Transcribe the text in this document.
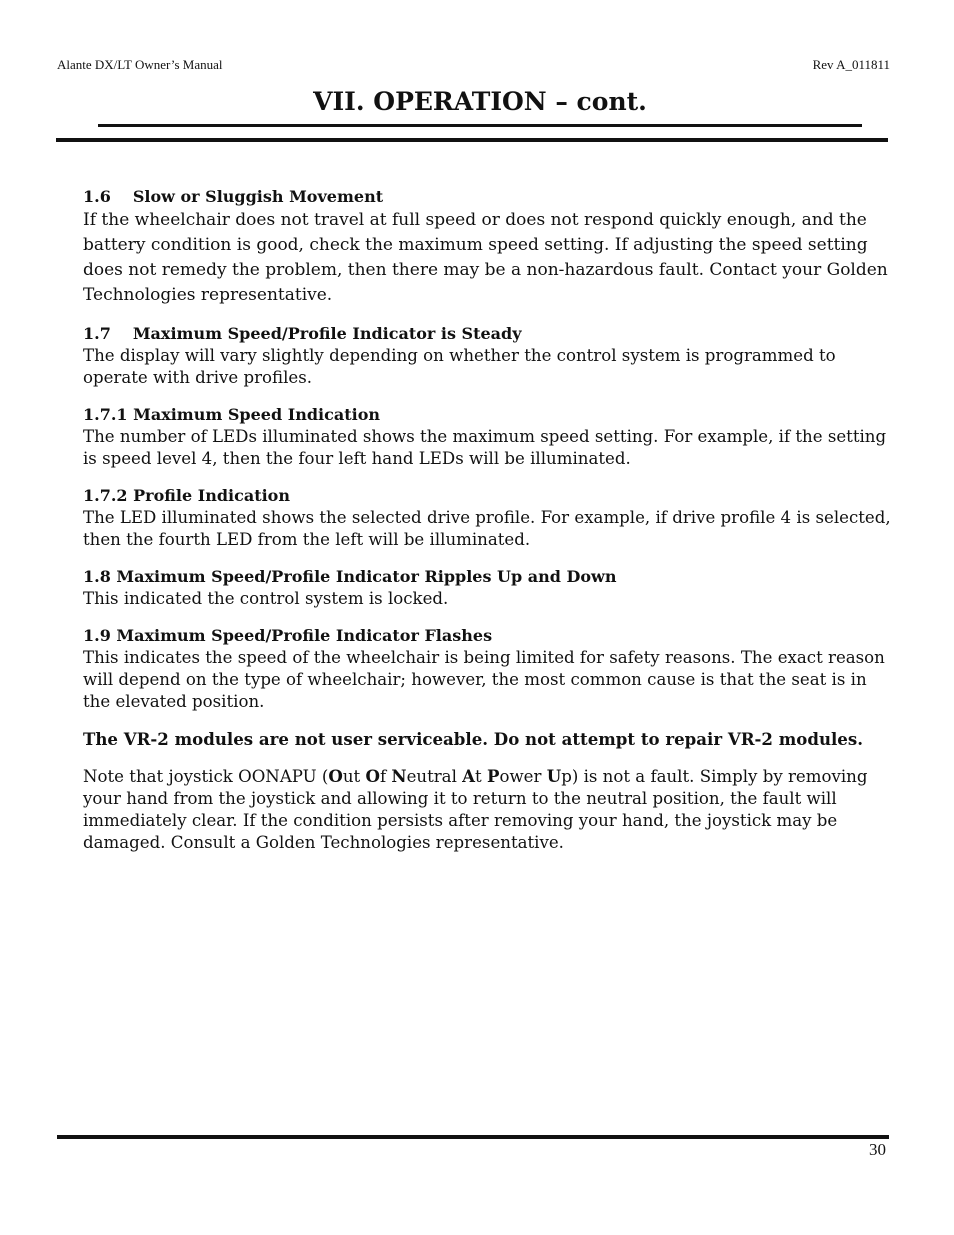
Alante DX/LT Owner’s Manual	Rev A_011811
VII. OPERATION – cont.
1.6 Slow or Sluggish Movement

If the wheelchair does not travel at full speed or does not respond quickly enough, and the battery condition is good, check the maximum speed setting. If adjusting the speed setting does not remedy the problem, then there may be a non-hazardous fault. Contact your Golden Technologies representative.

1.7 Maximum Speed/Profile Indicator is Steady

The display will vary slightly depending on whether the control system is programmed to operate with drive profiles.

1.7.1 Maximum Speed Indication

The number of LEDs illuminated shows the maximum speed setting. For example, if the setting is speed level 4, then the four left hand LEDs will be illuminated.

1.7.2 Profile Indication

The LED illuminated shows the selected drive profile. For example, if drive profile 4 is selected, then the fourth LED from the left will be illuminated.

1.8 Maximum Speed/Profile Indicator Ripples Up and Down

This indicated the control system is locked.

1.9 Maximum Speed/Profile Indicator Flashes

This indicates the speed of the wheelchair is being limited for safety reasons. The exact reason will depend on the type of wheelchair; however, the most common cause is that the seat is in the elevated position.

The VR-2 modules are not user serviceable. Do not attempt to repair VR-2 modules.

Note that joystick OONAPU (Out Of Neutral At Power Up) is not a fault. Simply by removing your hand from the joystick and allowing it to return to the neutral position, the fault will immediately clear. If the condition persists after removing your hand, the joystick may be damaged. Consult a Golden Technologies representative.

30
